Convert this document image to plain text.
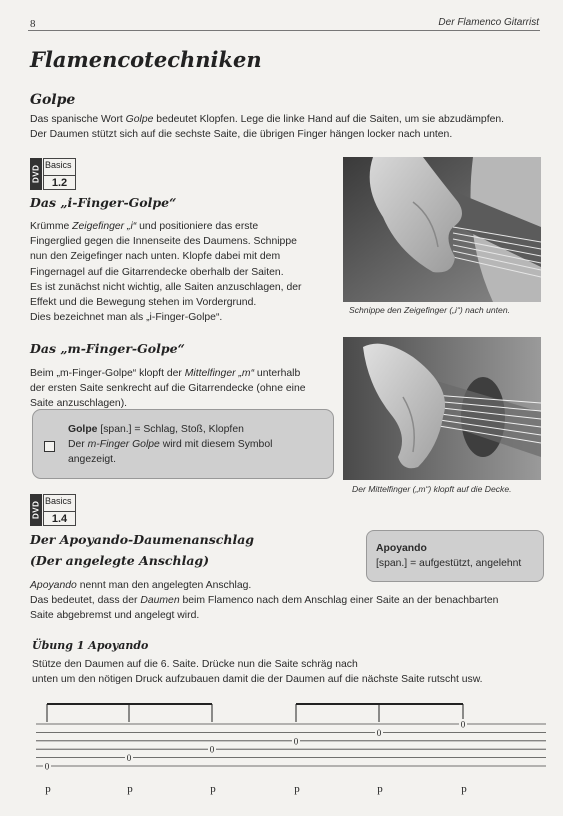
8	Der Flamenco Gitarrist
Flamencotechniken
Golpe
Das spanische Wort Golpe bedeutet Klopfen. Lege die linke Hand auf die Saiten, um sie abzudämpfen.
Der Daumen stützt sich auf die sechste Saite, die übrigen Finger hängen locker nach unten.
DVD Basics
1.2
Das „i-Finger-Golpe“
Krümme Zeigefinger „i“ und positioniere das erste
Fingerglied gegen die Innenseite des Daumens. Schnippe
nun den Zeigefinger nach unten. Klopfe dabei mit dem
Fingernagel auf die Gitarrendecke oberhalb der Saiten.
Es ist zunächst nicht wichtig, alle Saiten anzuschlagen, der
Effekt und die Bewegung stehen im Vordergrund.
Dies bezeichnet man als „i-Finger-Golpe“.
Schnippe den Zeigefinger („i“) nach unten.
Das „m-Finger-Golpe“
Beim „m-Finger-Golpe“ klopft der Mittelfinger „m“ unterhalb
der ersten Saite senkrecht auf die Gitarrendecke (ohne eine
Saite anzuschlagen).
Golpe [span.] = Schlag, Stoß, Klopfen
Der m-Finger Golpe wird mit diesem Symbol
angezeigt.
Der Mittelfinger („m“) klopft auf die Decke.
DVD Basics
1.4
Der Apoyando-Daumenanschlag
(Der angelegte Anschlag)
Apoyando
[span.] = aufgestützt, angelehnt
Apoyando nennt man den angelegten Anschlag.
Das bedeutet, dass der Daumen beim Flamenco nach dem Anschlag einer Saite an der benachbarten
Saite abgebremst und angelegt wird.
Übung 1 Apoyando
Stütze den Daumen auf die 6. Saite. Drücke nun die Saite schräg nach
unten um den nötigen Druck aufzubauen damit die der Daumen auf die nächste Saite rutscht usw.
0
p
0
p
0
p
0
p
0
p
0
p
